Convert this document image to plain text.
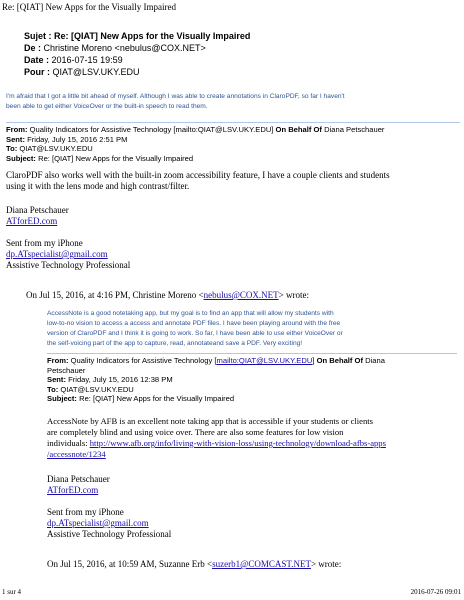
Re: [QIAT] New Apps for the Visually Impaired
Sujet : Re: [QIAT] New Apps for the Visually Impaired
De : Christine Moreno <nebulus@COX.NET>
Date : 2016-07-15 19:59
Pour : QIAT@LSV.UKY.EDU
I'm afraid that I got a little bit ahead of myself. Although I was able to create annotations in ClaroPDF, so far I haven't
been able to get either VoiceOver or the built-in speech to read them.
From: Quality Indicators for Assistive Technology [mailto:QIAT@LSV.UKY.EDU] On Behalf Of Diana Petschauer
Sent: Friday, July 15, 2016 2:51 PM
To: QIAT@LSV.UKY.EDU
Subject: Re: [QIAT] New Apps for the Visually Impaired
ClaroPDF also works well with the built-in zoom accessibility feature, I have a couple clients and students
using it with the lens mode and high contrast/filter.
Diana Petschauer
ATforED.com
Sent from my iPhone
dp.ATspecialist@gmail.com
Assistive Technology Professional
On Jul 15, 2016, at 4:16 PM, Christine Moreno <nebulus@COX.NET> wrote:
AccessNote is a good notetaking app, but my goal is to find an app that will allow my students with
low-to-no vision to access a access and annotate PDF files. I have been playing around with the free
version of ClaroPDF and I think it is going to work. So far, I have been able to use either VoiceOver or
the self-voicing part of the app to capture, read, annotateand save a PDF. Very exciting!
From: Quality Indicators for Assistive Technology [mailto:QIAT@LSV.UKY.EDU] On Behalf Of Diana
Petschauer
Sent: Friday, July 15, 2016 12:38 PM
To: QIAT@LSV.UKY.EDU
Subject: Re: [QIAT] New Apps for the Visually Impaired
AccessNote by AFB is an excellent note taking app that is accessible if your students or clients
are completely blind and using voice over. There are also some features for low vision
individuals: http://www.afb.org/info/living-with-vision-loss/using-technology/download-afbs-apps
/accessnote/1234
Diana Petschauer
ATforED.com
Sent from my iPhone
dp.ATspecialist@gmail.com
Assistive Technology Professional
On Jul 15, 2016, at 10:59 AM, Suzanne Erb <suzerb1@COMCAST.NET> wrote:
1 sur 4	2016-07-26 09:01
